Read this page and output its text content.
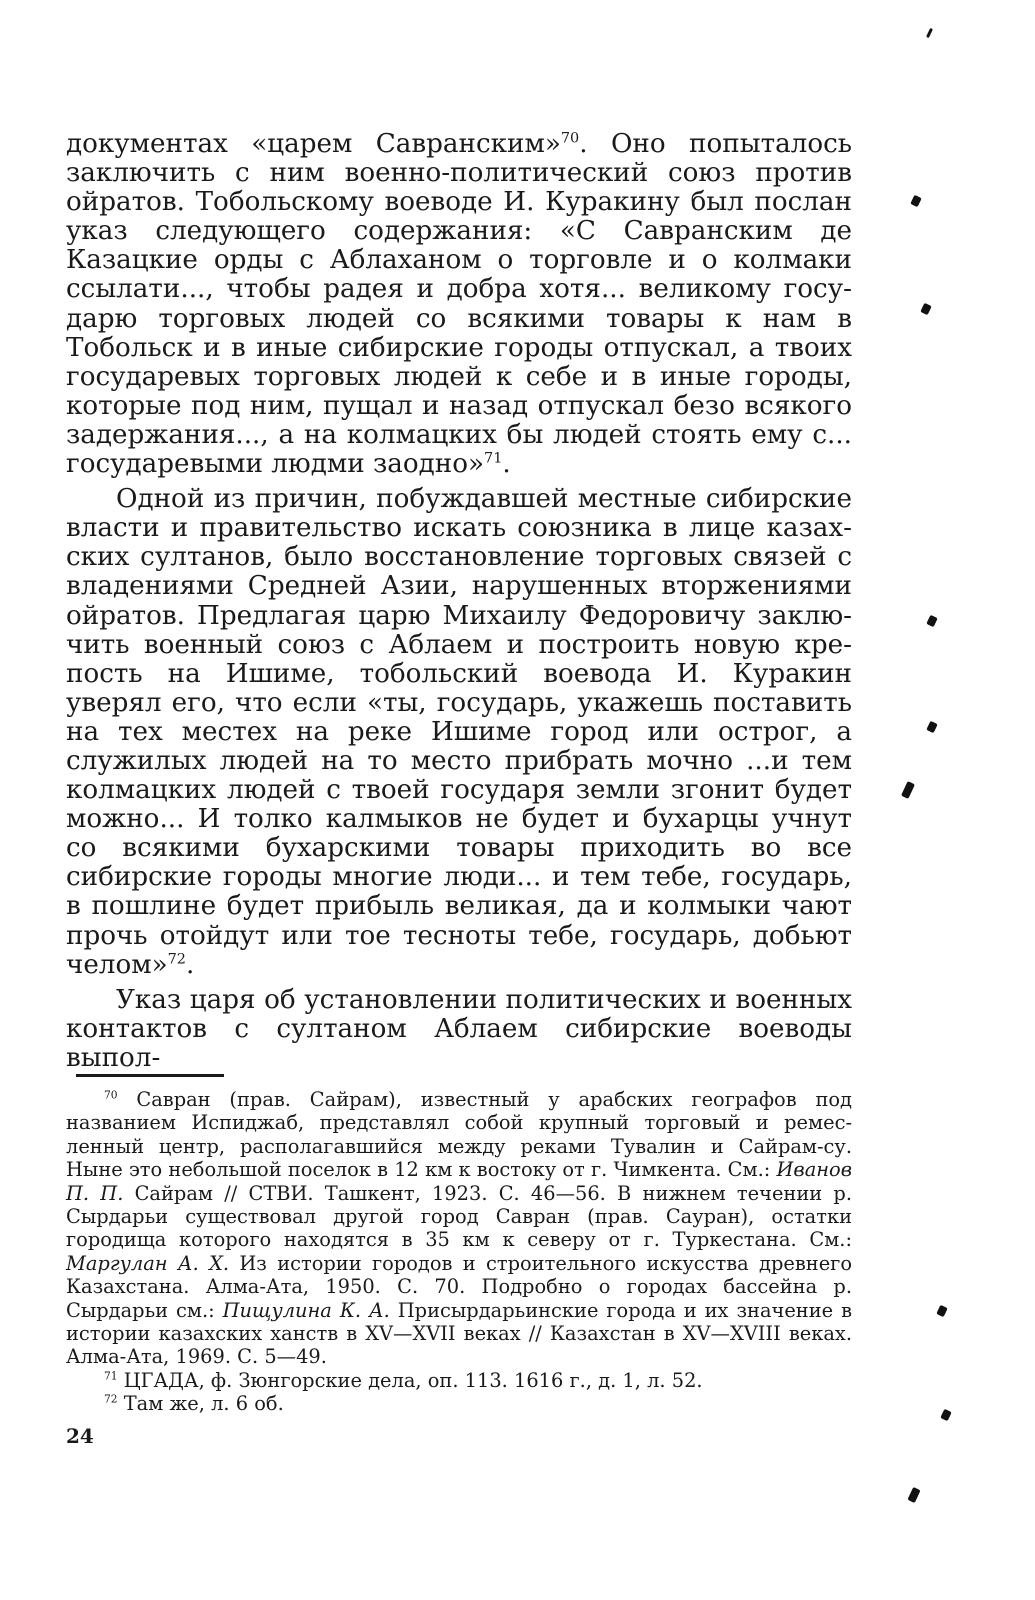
документах «царем Савранским»$^{70}$. Оно попыталось заключить с ним военно-политический союз против ойратов. Тобольскому воеводе И. Куракину был послан указ следующего содержания: «С Савранским де Казацкие орды с Аблаханом о торговле и о колмаки ссылати..., чтобы радея и добра хотя... великому государю торговых людей со всякими товары к нам в Тобольск и в иные сибирские городы отпускал, а твоих государевых торговых людей к себе и в иные городы, которые под ним, пущал и назад отпускал безо всякого задержания..., а на колмацких бы людей стоять ему с... государевыми людми заодно»$^{71}$.

Одной из причин, побуждавшей местные сибирские власти и правительство искать союзника в лице казахских султанов, было восстановление торговых связей с владениями Средней Азии, нарушенных вторжениями ойратов. Предлагая царю Михаилу Федоровичу заключить военный союз с Аблаем и построить новую крепость на Ишиме, тобольский воевода И. Куракин уверял его, что если «ты, государь, укажешь поставить на тех местех на реке Ишиме город или острог, а служилых людей на то место прибрать мочно ...и тем колмацких людей с твоей государя земли згонит будет можно... И толко калмыков не будет и бухарцы учнут со всякими бухарскими товары приходить во все сибирские городы многие люди... и тем тебе, государь, в пошлине будет прибыль великая, да и колмыки чают прочь отойдут или тое тесноты тебе, государь, добьют челом»$^{72}$.

Указ царя об установлении политических и военных контактов с султаном Аблаем сибирские воеводы выпол-

$^{70}$ Савран (прав. Сайрам), известный у арабских географов под названием Испиджаб, представлял собой крупный торговый и ремесленный центр, располагавшийся между реками Тувалин и Сайрам-су. Ныне это небольшой поселок в 12 км к востоку от г. Чимкента. См.: Иванов П. П. Сайрам // СТВИ. Ташкент, 1923. С. 46—56. В нижнем течении р. Сырдарьи существовал другой город Савран (прав. Сауран), остатки городища которого находятся в 35 км к северу от г. Туркестана. См.: Маргулан А. Х. Из истории городов и строительного искусства древнего Казахстана. Алма-Ата, 1950. С. 70. Подробно о городах бассейна р. Сырдарьи см.: Пищулина К. А. Присырдарьинские города и их значение в истории казахских ханств в XV—XVII веках // Казахстан в XV—XVIII веках. Алма-Ата, 1969. С. 5—49.

$^{71}$ ЦГАДА, ф. Зюнгорские дела, оп. 113. 1616 г., д. 1, л. 52.

$^{72}$ Там же, л. 6 об.

24
